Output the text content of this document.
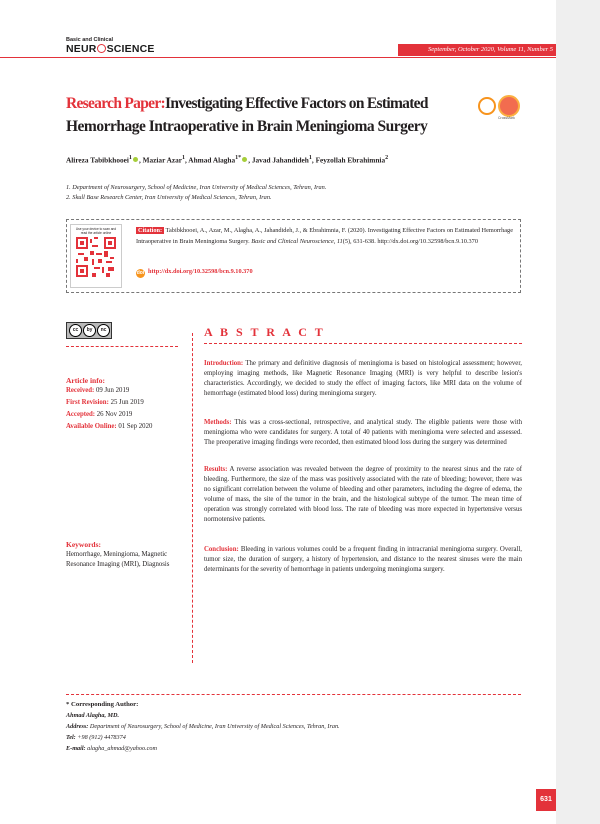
Basic and Clinical
NEUR SCIENCE	September, October 2020, Volume 11, Number 5
Research Paper:Investigating Effective Factors on Estimated
Hemorrhage Intraoperative in Brain Meningioma Surgery	CrossMark
Alireza Tabibkhooei$^1$ , Maziar Azar$^1$, Ahmad Alagha$^{1*}$ , Javad Jahandideh$^1$, Feyzollah Ebrahimnia$^2$
1. Department of Neurosurgery, School of Medicine, Iran University of Medical Sciences, Tehran, Iran.
2. Skull Base Research Center, Iran University of Medical Sciences, Tehran, Iran.
Use your device to scan and read the article online	Citation: Tabibkhooei, A., Azar, M., Alagha, A., Jahandideh, J., & Ebrahimnia, F. (2020). Investigating Effective Factors on Estimated Hemorrhage Intraoperative in Brain Meningioma Surgery. Basic and Clinical Neuroscience, 11(5), 631-638. http://dx.doi.org/10.32598/bcn.9.10.370
doi http://dx.doi.org/10.32598/bcn.9.10.370
cc	by	nc
Article info:
Received: 09 Jun 2019
First Revision: 25 Jun 2019
Accepted: 26 Nov 2019
Available Online: 01 Sep 2020
Keywords:
Hemorrhage, Meningioma, Magnetic Resonance Imaging (MRI), Diagnosis
A B S T R A C T
Introduction: The primary and definitive diagnosis of meningioma is based on histological assessment; however, employing imaging methods, like Magnetic Resonance Imaging (MRI) is very helpful to describe lesion's characteristics. Accordingly, we decided to study the effect of imaging factors, like MRI data on the volume of hemorrhage (estimated blood loss) during meningioma surgery.
Methods: This was a cross-sectional, retrospective, and analytical study. The eligible patients were those with meningioma who were candidates for surgery. A total of 40 patients with meningioma were selected and assessed. The preoperative imaging findings were recorded, then estimated blood loss during the surgery was determined
Results: A reverse association was revealed between the degree of proximity to the nearest sinus and the rate of bleeding. Furthermore, the size of the mass was positively associated with the rate of bleeding; however, there was no significant correlation between the volume of bleeding and other parameters, including the degree of edema, the volume of mass, the site of the tumor in the brain, and the histological subtype of the tumor. The mean time of operation was strongly correlated with blood loss. The rate of bleeding was more expected in hypertensive versus normotensive patients.
Conclusion: Bleeding in various volumes could be a frequent finding in intracranial meningioma surgery. Overall, tumor size, the duration of surgery, a history of hypertension, and distance to the nearest sinuses were the main determinants for the severity of hemorrhage in patients undergoing meningioma surgery.
* Corresponding Author:
Ahmad Alagha, MD.
Address: Department of Neurosurgery, School of Medicine, Iran University of Medical Sciences, Tehran, Iran.
Tel: +98 (912) 4478374
E-mail: alagha_ahmad@yahoo.com
631
